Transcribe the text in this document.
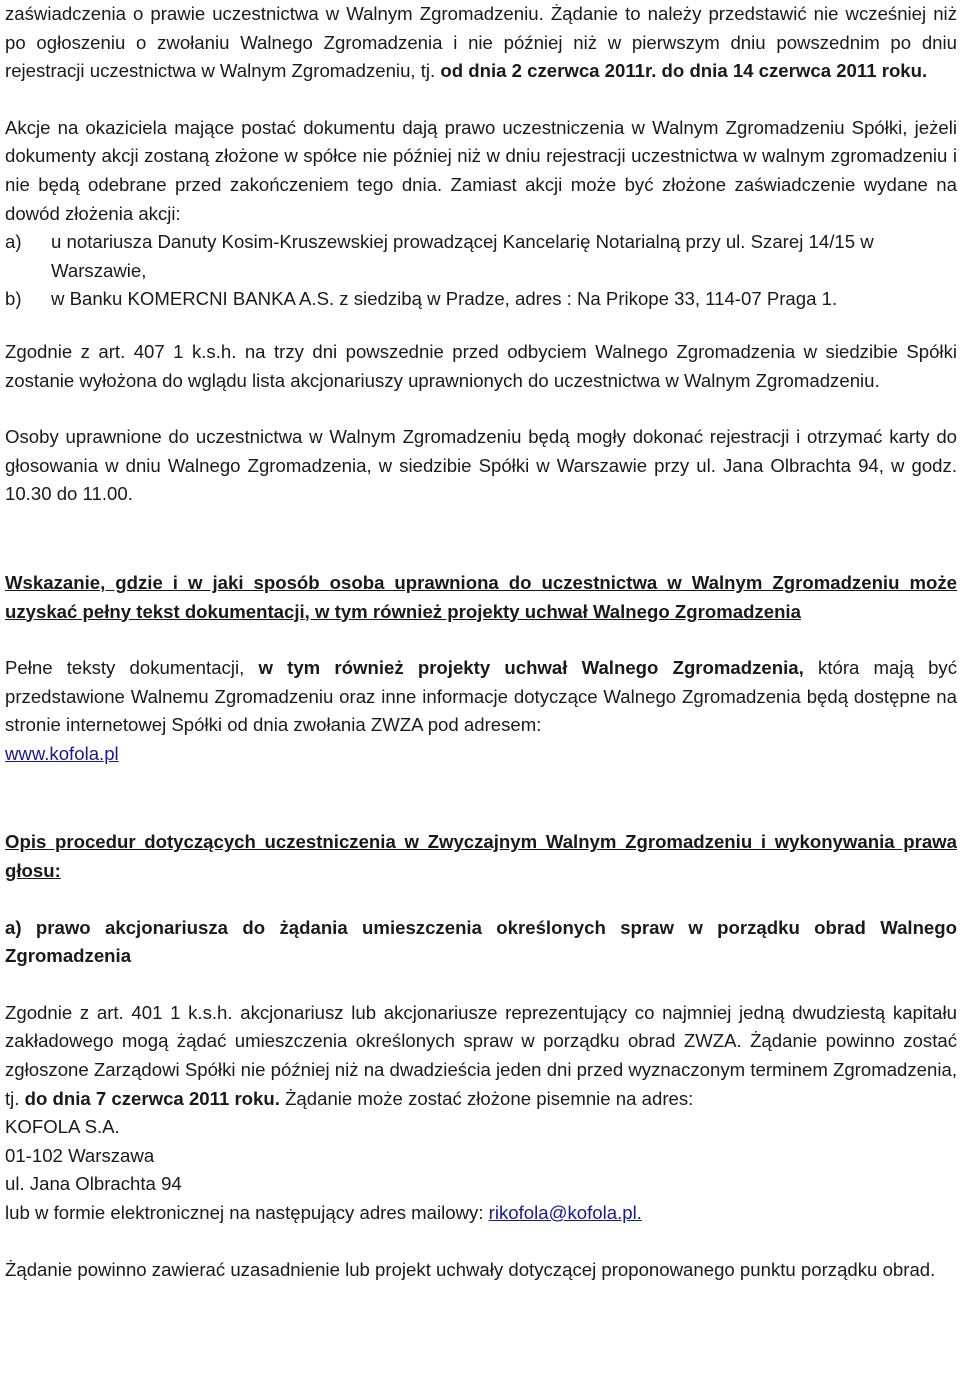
zaświadczenia o prawie uczestnictwa w Walnym Zgromadzeniu. Żądanie to należy przedstawić nie wcześniej niż po ogłoszeniu o zwołaniu Walnego Zgromadzenia i nie później niż w pierwszym dniu powszednim po dniu rejestracji uczestnictwa w Walnym Zgromadzeniu, tj. od dnia 2 czerwca 2011r. do dnia 14 czerwca 2011 roku.

Akcje na okaziciela mające postać dokumentu dają prawo uczestniczenia w Walnym Zgromadzeniu Spółki, jeżeli dokumenty akcji zostaną złożone w spółce nie później niż w dniu rejestracji uczestnictwa w walnym zgromadzeniu i nie będą odebrane przed zakończeniem tego dnia. Zamiast akcji może być złożone zaświadczenie wydane na dowód złożenia akcji:

a)	u notariusza Danuty Kosim-Kruszewskiej prowadzącej Kancelarię Notarialną przy ul. Szarej 14/15 w Warszawie,
b)	w Banku KOMERCNI BANKA A.S. z siedzibą w Pradze, adres : Na Prikope 33, 114-07 Praga 1.

Zgodnie z art. 407 1 k.s.h. na trzy dni powszednie przed odbyciem Walnego Zgromadzenia w siedzibie Spółki zostanie wyłożona do wglądu lista akcjonariuszy uprawnionych do uczestnictwa w Walnym Zgromadzeniu.

Osoby uprawnione do uczestnictwa w Walnym Zgromadzeniu będą mogły dokonać rejestracji i otrzymać karty do głosowania w dniu Walnego Zgromadzenia, w siedzibie Spółki w Warszawie przy ul. Jana Olbrachta 94, w godz. 10.30 do 11.00.

Wskazanie, gdzie i w jaki sposób osoba uprawniona do uczestnictwa w Walnym Zgromadzeniu może uzyskać pełny tekst dokumentacji, w tym również projekty uchwał Walnego Zgromadzenia

Pełne teksty dokumentacji, w tym również projekty uchwał Walnego Zgromadzenia, która mają być przedstawione Walnemu Zgromadzeniu oraz inne informacje dotyczące Walnego Zgromadzenia będą dostępne na stronie internetowej Spółki od dnia zwołania ZWZA pod adresem:

www.kofola.pl

Opis procedur dotyczących uczestniczenia w Zwyczajnym Walnym Zgromadzeniu i wykonywania prawa głosu:

a) prawo akcjonariusza do żądania umieszczenia określonych spraw w porządku obrad Walnego Zgromadzenia

Zgodnie z art. 401 1 k.s.h. akcjonariusz lub akcjonariusze reprezentujący co najmniej jedną dwudziestą kapitału zakładowego mogą żądać umieszczenia określonych spraw w porządku obrad ZWZA. Żądanie powinno zostać zgłoszone Zarządowi Spółki nie później niż na dwadzieścia jeden dni przed wyznaczonym terminem Zgromadzenia, tj. do dnia 7 czerwca 2011 roku. Żądanie może zostać złożone pisemnie na adres:

KOFOLA S.A.

01-102 Warszawa

ul. Jana Olbrachta 94

lub w formie elektronicznej na następujący adres mailowy: rikofola@kofola.pl.

Żądanie powinno zawierać uzasadnienie lub projekt uchwały dotyczącej proponowanego punktu porządku obrad.
